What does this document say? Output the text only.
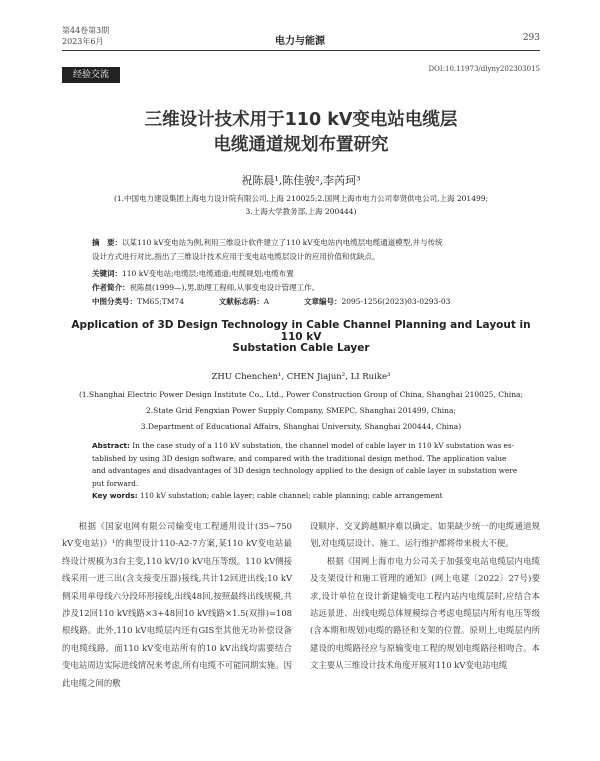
第44卷第3期
2023年6月	电力与能源	293
经验交流
DOI:10.11973/dlyny202303015
三维设计技术用于110 kV变电站电缆层
电缆通道规划布置研究
祝陈晨¹,陈佳骏²,李芮珂³
(1.中国电力建设集团上海电力设计院有限公司,上海 210025;2.国网上海市电力公司奉贤供电公司,上海 201499;
3.上海大学教务部,上海 200444)
摘　要：以某110 kV变电站为例,利用三维设计软件建立了110 kV变电站内电缆层电缆通道模型,并与传统
设计方式进行对比,指出了三维设计技术应用于变电站电缆层设计的应用价值和优缺点。
关键词：110 kV变电站;电缆层;电缆通道;电缆规划;电缆布置
作者简介：祝陈晨(1999—),男,助理工程师,从事变电设计管理工作。
中图分类号：TM65;TM74	文献标志码：A	文章编号：2095-1256(2023)03-0293-03
Application of 3D Design Technology in Cable Channel Planning and Layout in 110 kV
Substation Cable Layer
ZHU Chenchen¹, CHEN Jiajun², LI Ruike³
(1.Shanghai Electric Power Design Institute Co., Ltd., Power Construction Group of China, Shanghai 210025, China;
2.State Grid Fengxian Power Supply Company, SMEPC, Shanghai 201499, China;
3.Department of Educational Affairs, Shanghai University, Shanghai 200444, China)
Abstract: In the case study of a 110 kV substation, the channel model of cable layer in 110 kV substation was es-
tablished by using 3D design software, and compared with the traditional design method. The application value
and advantages and disadvantages of 3D design technology applied to the design of cable layer in substation were
put forward.
Key words: 110 kV substation; cable layer; cable channel; cable planning; cable arrangement

根据《国家电网有限公司输变电工程通用设计(35~750 kV变电站)》¹的典型设计110-A2-7方案,某110 kV变电站最终设计规模为3台主变,110 kV/10 kV电压等级。110 kV侧接线采用一进三出(含支接变压器)接线,共计12回进出线;10 kV侧采用单母线六分段环形接线,出线48回,按照最终出线规模,共涉及12回110 kV线路×3+48回10 kV线路×1.5(双排)=108根线路。此外,110 kV电缆层内还有GIS至其他无功补偿设备的电缆线路。面110 kV变电站所有的10 kV出线均需要结合变电站周边实际进线情况来考虑,所有电缆不可能同期实施。因此电缆之间的敷

设顺序、交叉跨越顺序难以确定。如果缺少统一的电缆通道规划,对电缆层设计、施工、运行维护都将带来极大不便。

根据《国网上海市电力公司关于加强变电站电缆层内电缆及支架设计和施工管理的通知》(网上电建〔2022〕27号)要求,设计单位在设计新建输变电工程内站内电缆层时,应结合本站远景进、出线电缆总体规模综合考虑电缆层内所有电压等级(含本期和规划)电缆的路径和支架的位置。原则上,电缆层内所建设的电缆路径应与原输变电工程的规划电缆路径相吻合。本文主要从三维设计技术角度开展对110 kV变电站电缆
